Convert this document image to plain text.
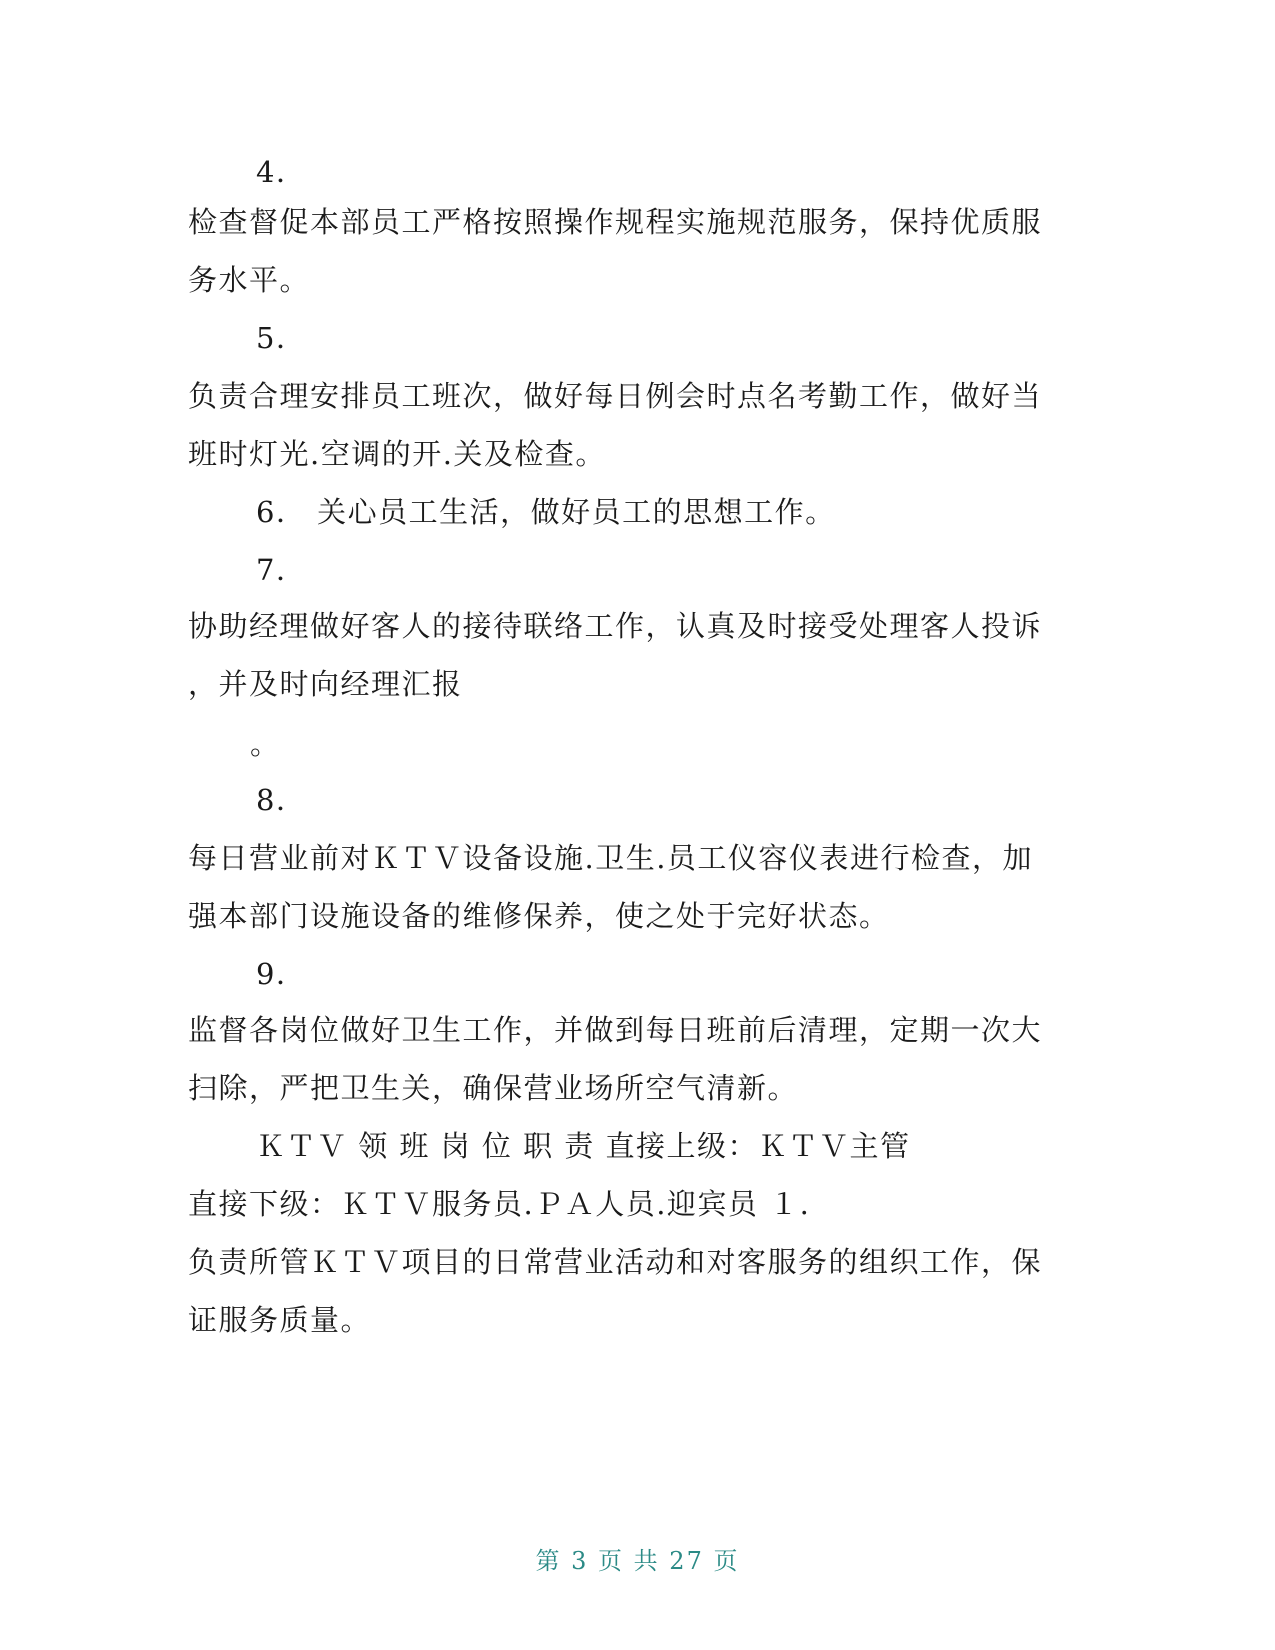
4．
检查督促本部员工严格按照操作规程实施规范服务，保持优质服
务水平。
5．
负责合理安排员工班次，做好每日例会时点名考勤工作，做好当
班时灯光.空调的开.关及检查。
6． 关心员工生活，做好员工的思想工作。
7．
协助经理做好客人的接待联络工作，认真及时接受处理客人投诉
，并及时向经理汇报
。
8．
每日营业前对ＫＴＶ设备设施.卫生.员工仪容仪表进行检查，加
强本部门设施设备的维修保养，使之处于完好状态。
9．
监督各岗位做好卫生工作，并做到每日班前后清理，定期一次大
扫除，严把卫生关，确保营业场所空气清新。
ＫＴＶ 领 班 岗 位 职 责 直接上级：ＫＴＶ主管
直接下级：ＫＴＶ服务员.ＰＡ人员.迎宾员 １.
负责所管ＫＴＶ项目的日常营业活动和对客服务的组织工作，保
证服务质量。
第 3 页 共 27 页
